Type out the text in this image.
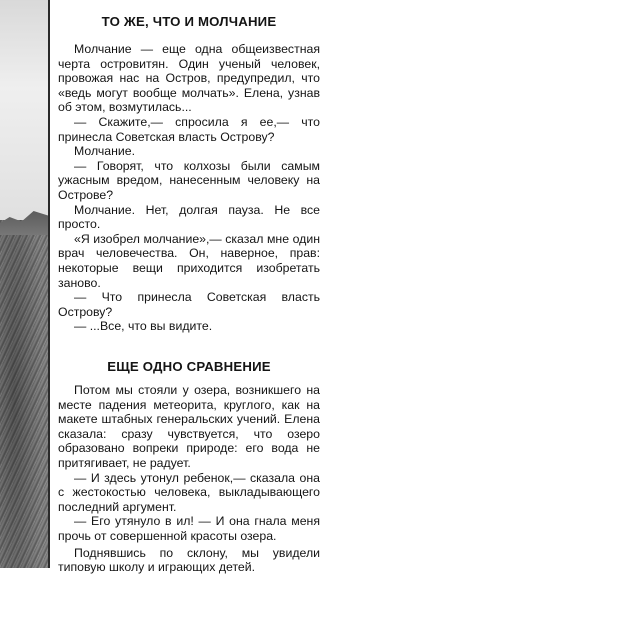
ТО ЖЕ, ЧТО И МОЛЧАНИЕ

Молчание — еще одна общеизвестная черта островитян. Один ученый человек, провожая нас на Остров, предупредил, что «ведь могут вообще молчать». Елена, узнав об этом, возмутилась...

— Скажите,— спросила я ее,— что принесла Советская власть Острову?

Молчание.

— Говорят, что колхозы были самым ужасным вредом, нанесенным человеку на Острове?

Молчание. Нет, долгая пауза. Не все просто.

«Я изобрел молчание»,— сказал мне один врач человечества. Он, наверное, прав: некоторые вещи приходится изобретать заново.

— Что принесла Советская власть Острову?

— ...Все, что вы видите.

ЕЩЕ ОДНО СРАВНЕНИЕ

Потом мы стояли у озера, возникшего на месте падения метеорита, круглого, как на макете штабных генеральских учений. Елена сказала: сразу чувствуется, что озеро образовано вопреки природе: его вода не притягивает, не радует.

— И здесь утонул ребенок,— сказала она с жестокостью человека, выкладывающего последний аргумент.

— Его утянуло в ил! — И она гнала меня прочь от совершенной красоты озера.

Поднявшись по склону, мы увидели типовую школу и играющих детей.
